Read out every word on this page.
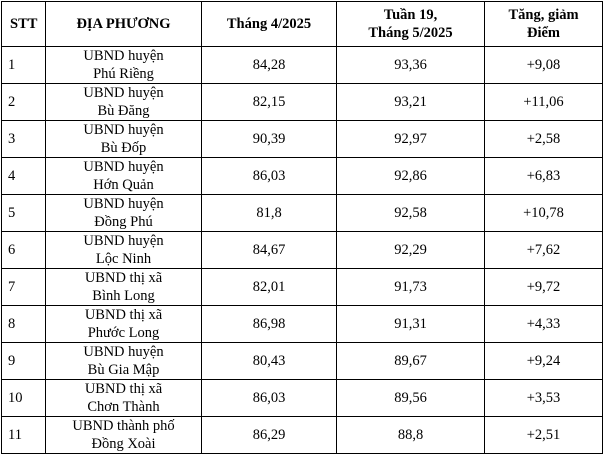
STT	ĐỊA PHƯƠNG	Tháng 4/2025	Tuần 19,
Tháng 5/2025	Tăng, giảm
Điểm

1	UBND huyện
Phú Riềng	84,28	93,36	+9,08
2	UBND huyện
Bù Đăng	82,15	93,21	+11,06
3	UBND huyện
Bù Đốp	90,39	92,97	+2,58
4	UBND huyện
Hớn Quản	86,03	92,86	+6,83
5	UBND huyện
Đồng Phú	81,8	92,58	+10,78
6	UBND huyện
Lộc Ninh	84,67	92,29	+7,62
7	UBND thị xã
Bình Long	82,01	91,73	+9,72
8	UBND thị xã
Phước Long	86,98	91,31	+4,33
9	UBND huyện
Bù Gia Mập	80,43	89,67	+9,24
10	UBND thị xã
Chơn Thành	86,03	89,56	+3,53
11	UBND thành phố
Đồng Xoài	86,29	88,8	+2,51
